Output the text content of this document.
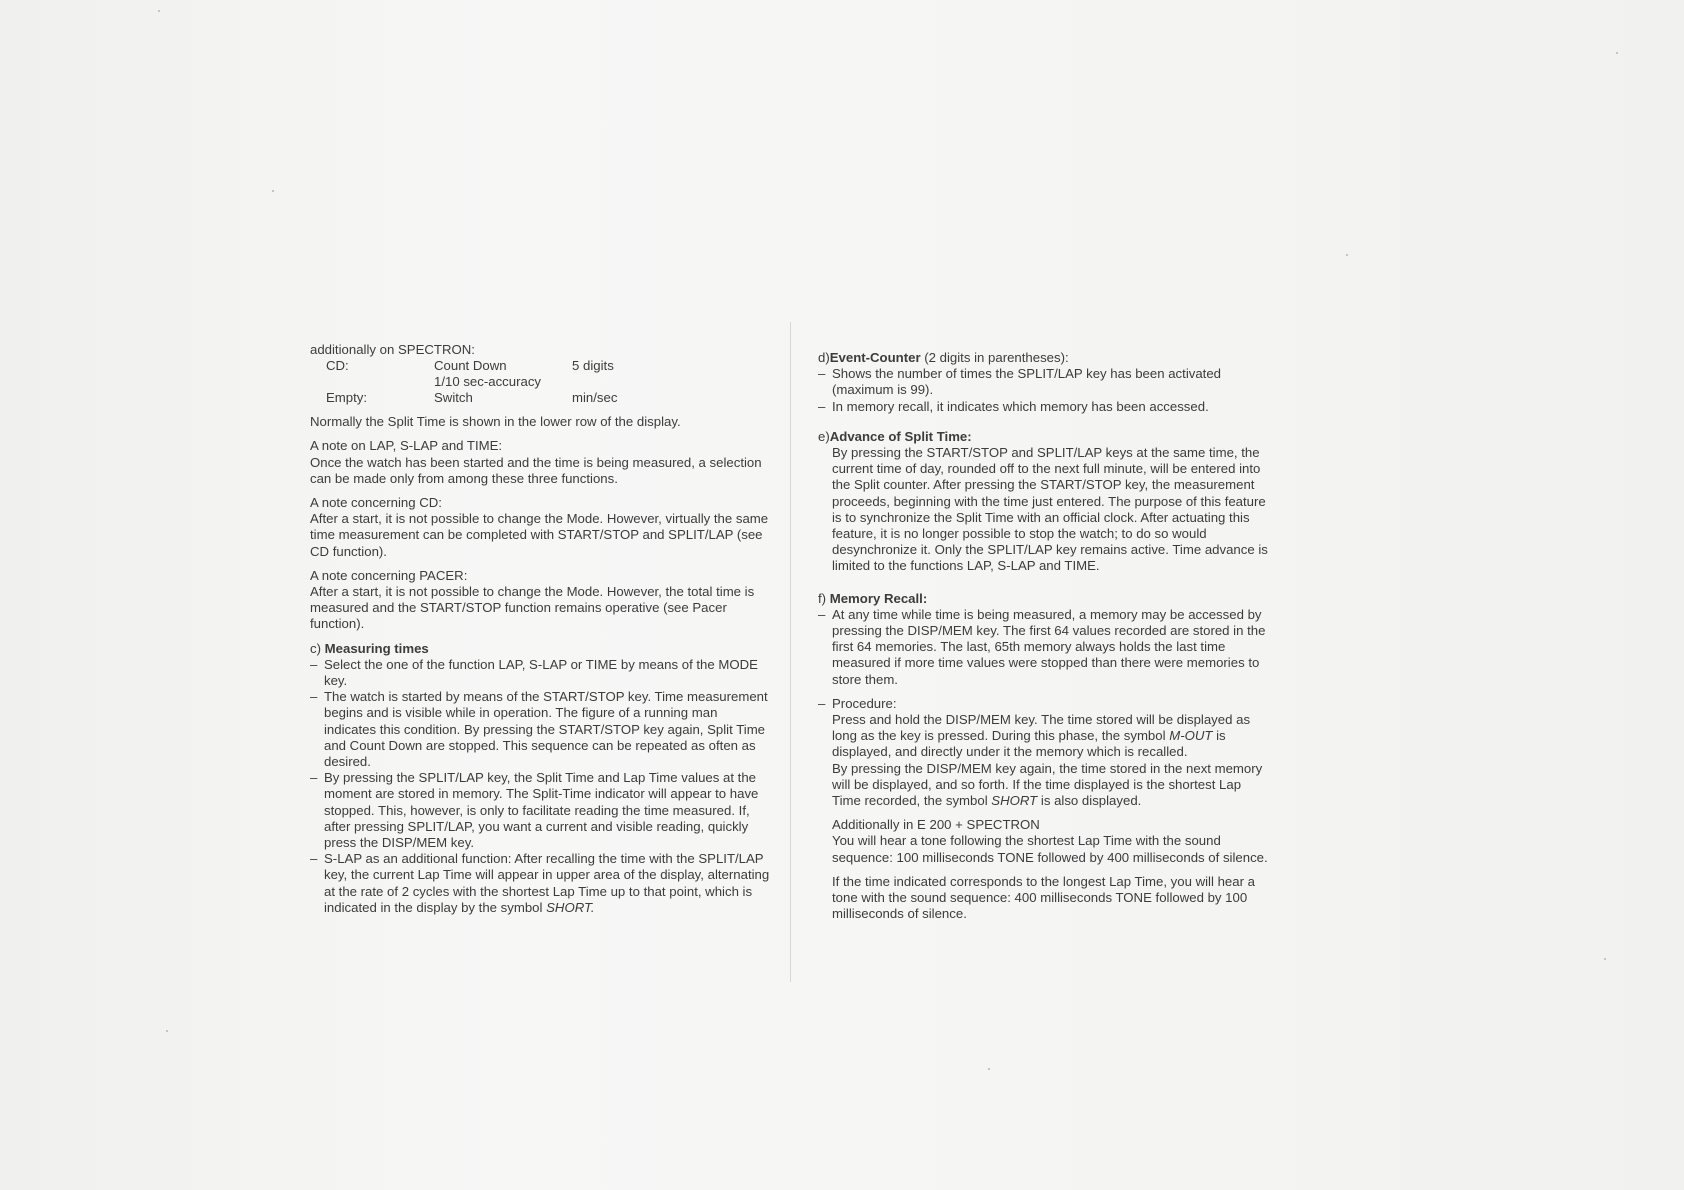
additionally on SPECTRON:

CD:	Count Down	5 digits
	1/10 sec-accuracy	
Empty:	Switch	min/sec

Normally the Split Time is shown in the lower row of the display.

A note on LAP, S-LAP and TIME:

Once the watch has been started and the time is being measured, a selection can be made only from among these three functions.

A note concerning CD:

After a start, it is not possible to change the Mode. However, virtually the same time measurement can be completed with START/STOP and SPLIT/LAP (see CD function).

A note concerning PACER:

After a start, it is not possible to change the Mode. However, the total time is measured and the START/STOP function remains operative (see Pacer function).

c) Measuring times

– Select the one of the function LAP, S-LAP or TIME by means of the MODE key.
– The watch is started by means of the START/STOP key. Time measurement begins and is visible while in operation. The figure of a running man indicates this condition. By pressing the START/STOP key again, Split Time and Count Down are stopped. This sequence can be repeated as often as desired.
– By pressing the SPLIT/LAP key, the Split Time and Lap Time values at the moment are stored in memory. The Split-Time indicator will appear to have stopped. This, however, is only to facilitate reading the time measured. If, after pressing SPLIT/LAP, you want a current and visible reading, quickly press the DISP/MEM key.
– S-LAP as an additional function: After recalling the time with the SPLIT/LAP key, the current Lap Time will appear in upper area of the display, alternating at the rate of 2 cycles with the shortest Lap Time up to that point, which is indicated in the display by the symbol SHORT.

d)Event-Counter (2 digits in parentheses):

– Shows the number of times the SPLIT/LAP key has been activated (maximum is 99).
– In memory recall, it indicates which memory has been accessed.

e)Advance of Split Time:

By pressing the START/STOP and SPLIT/LAP keys at the same time, the current time of day, rounded off to the next full minute, will be entered into the Split counter. After pressing the START/STOP key, the measurement proceeds, beginning with the time just entered. The purpose of this feature is to synchronize the Split Time with an official clock. After actuating this feature, it is no longer possible to stop the watch; to do so would desynchronize it. Only the SPLIT/LAP key remains active. Time advance is limited to the functions LAP, S-LAP and TIME.

f) Memory Recall:

– At any time while time is being measured, a memory may be accessed by pressing the DISP/MEM key. The first 64 values recorded are stored in the first 64 memories. The last, 65th memory always holds the last time measured if more time values were stopped than there were memories to store them.
– Procedure:

Press and hold the DISP/MEM key. The time stored will be displayed as long as the key is pressed. During this phase, the symbol M-OUT is displayed, and directly under it the memory which is recalled.

By pressing the DISP/MEM key again, the time stored in the next memory will be displayed, and so forth. If the time displayed is the shortest Lap Time recorded, the symbol SHORT is also displayed.

Additionally in E 200 + SPECTRON

You will hear a tone following the shortest Lap Time with the sound sequence: 100 milliseconds TONE followed by 400 milliseconds of silence.

If the time indicated corresponds to the longest Lap Time, you will hear a tone with the sound sequence: 400 milliseconds TONE followed by 100 milliseconds of silence.
